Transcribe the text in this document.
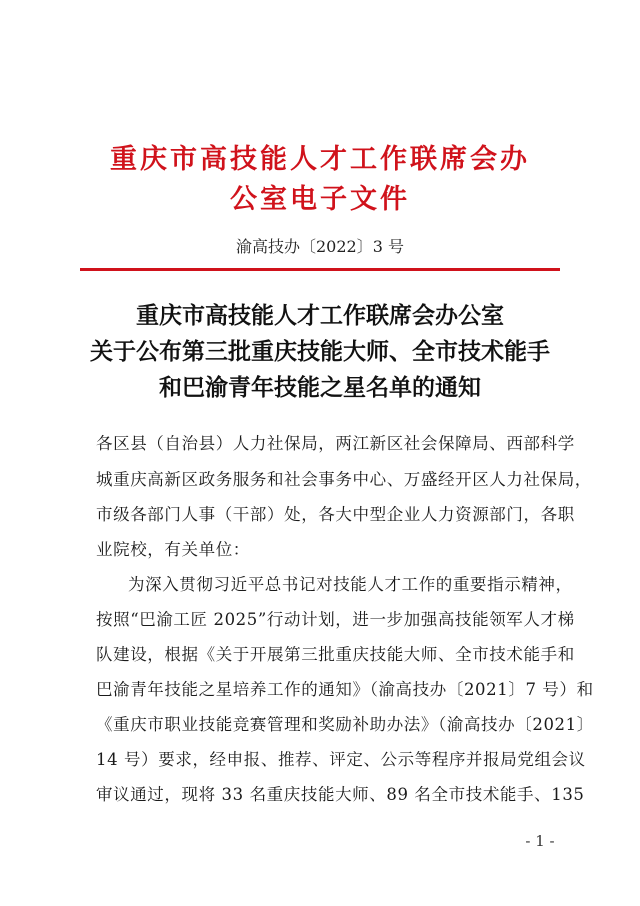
重庆市高技能人才工作联席会办
公室电子文件
渝高技办〔2022〕3 号
重庆市高技能人才工作联席会办公室
关于公布第三批重庆技能大师、全市技术能手
和巴渝青年技能之星名单的通知
各区县（自治县）人力社保局，两江新区社会保障局、西部科学
城重庆高新区政务服务和社会事务中心、万盛经开区人力社保局，
市级各部门人事（干部）处，各大中型企业人力资源部门，各职
业院校，有关单位：
为深入贯彻习近平总书记对技能人才工作的重要指示精神，
按照“巴渝工匠 2025”行动计划，进一步加强高技能领军人才梯
队建设，根据《关于开展第三批重庆技能大师、全市技术能手和
巴渝青年技能之星培养工作的通知》（渝高技办〔2021〕7 号）和
《重庆市职业技能竞赛管理和奖励补助办法》（渝高技办〔2021〕
14 号）要求，经申报、推荐、评定、公示等程序并报局党组会议
审议通过，现将 33 名重庆技能大师、89 名全市技术能手、135
- 1 -
